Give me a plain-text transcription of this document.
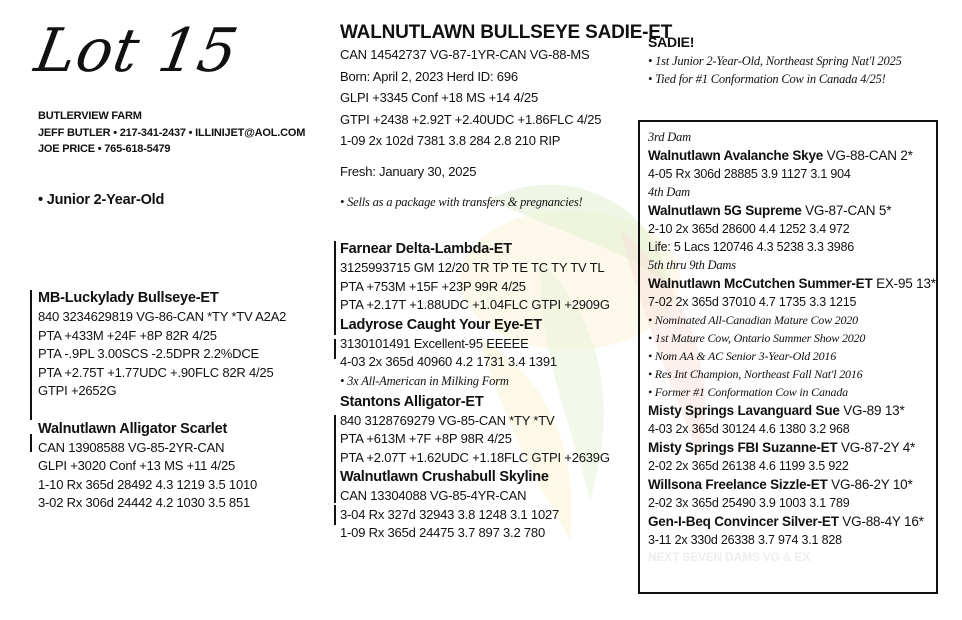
Lot 15
BUTLERVIEW FARM
JEFF BUTLER • 217-341-2437 • ILLINIJET@AOL.COM
JOE PRICE • 765-618-5479
• Junior 2-Year-Old
MB-Luckylady Bullseye-ET
840 3234629819 VG-86-CAN *TY *TV A2A2
PTA +433M +24F +8P 82R 4/25
PTA -.9PL 3.00SCS -2.5DPR 2.2%DCE
PTA +2.75T +1.77UDC +.90FLC 82R 4/25
GTPI +2652G
Walnutlawn Alligator Scarlet
CAN 13908588 VG-85-2YR-CAN
GLPI +3020 Conf +13 MS +11 4/25
1-10 Rx 365d 28492 4.3 1219 3.5 1010
3-02 Rx 306d 24442 4.2 1030 3.5 851
WALNUTLAWN BULLSEYE SADIE-ET
CAN 14542737 VG-87-1YR-CAN VG-88-MS
Born: April 2, 2023 Herd ID: 696
GLPI +3345 Conf +18 MS +14 4/25
GTPI +2438 +2.92T +2.40UDC +1.86FLC 4/25
1-09 2x 102d 7381 3.8 284 2.8 210 RIP
Fresh: January 30, 2025
• Sells as a package with transfers & pregnancies!
Farnear Delta-Lambda-ET
3125993715 GM 12/20 TR TP TE TC TY TV TL
PTA +753M +15F +23P 99R 4/25
PTA +2.17T +1.88UDC +1.04FLC GTPI +2909G
Ladyrose Caught Your Eye-ET
3130101491 Excellent-95 EEEEE
4-03 2x 365d 40960 4.2 1731 3.4 1391
• 3x All-American in Milking Form
Stantons Alligator-ET
840 3128769279 VG-85-CAN *TY *TV
PTA +613M +7F +8P 98R 4/25
PTA +2.07T +1.62UDC +1.18FLC GTPI +2639G
Walnutlawn Crushabull Skyline
CAN 13304088 VG-85-4YR-CAN
3-04 Rx 327d 32943 3.8 1248 3.1 1027
1-09 Rx 365d 24475 3.7 897 3.2 780
SADIE!
• 1st Junior 2-Year-Old, Northeast Spring Nat'l 2025
• Tied for #1 Conformation Cow in Canada 4/25!
3rd Dam
Walnutlawn Avalanche Skye VG-88-CAN 2*
4-05 Rx 306d 28885 3.9 1127 3.1 904
4th Dam
Walnutlawn 5G Supreme VG-87-CAN 5*
2-10 2x 365d 28600 4.4 1252 3.4 972
Life: 5 Lacs 120746 4.3 5238 3.3 3986
5th thru 9th Dams
Walnutlawn McCutchen Summer-ET EX-95 13*
7-02 2x 365d 37010 4.7 1735 3.3 1215
• Nominated All-Canadian Mature Cow 2020
• 1st Mature Cow, Ontario Summer Show 2020
• Nom AA & AC Senior 3-Year-Old 2016
• Res Int Champion, Northeast Fall Nat'l 2016
• Former #1 Conformation Cow in Canada
Misty Springs Lavanguard Sue VG-89 13*
4-03 2x 365d 30124 4.6 1380 3.2 968
Misty Springs FBI Suzanne-ET VG-87-2Y 4*
2-02 2x 365d 26138 4.6 1199 3.5 922
Willsona Freelance Sizzle-ET VG-86-2Y 10*
2-02 3x 365d 25490 3.9 1003 3.1 789
Gen-I-Beq Convincer Silver-ET VG-88-4Y 16*
3-11 2x 330d 26338 3.7 974 3.1 828
NEXT SEVEN DAMS VG & EX
